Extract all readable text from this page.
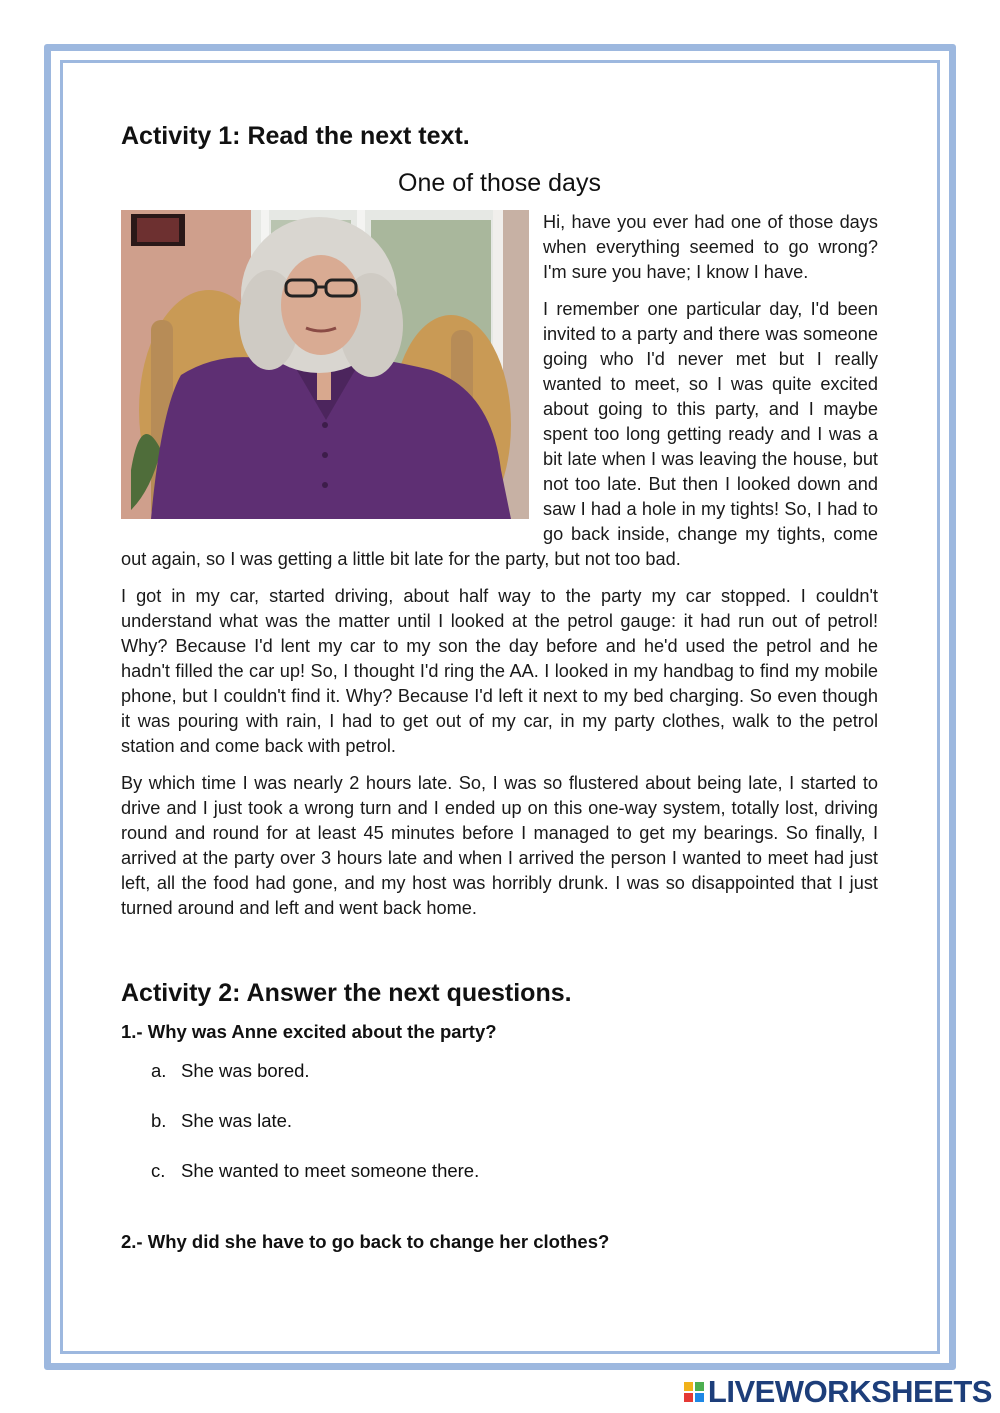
Activity 1: Read the next text.
One of those days

Hi, have you ever had one of those days when everything seemed to go wrong? I'm sure you have; I know I have.

I remember one particular day, I'd been invited to a party and there was someone going who I'd never met but I really wanted to meet, so I was quite excited about going to this party, and I maybe spent too long getting ready and I was a bit late when I was leaving the house, but not too late. But then I looked down and saw I had a hole in my tights! So, I had to go back inside, change my tights, come out again, so I was getting a little bit late for the party, but not too bad.

I got in my car, started driving, about half way to the party my car stopped. I couldn't understand what was the matter until I looked at the petrol gauge: it had run out of petrol! Why? Because I'd lent my car to my son the day before and he'd used the petrol and he hadn't filled the car up! So, I thought I'd ring the AA. I looked in my handbag to find my mobile phone, but I couldn't find it. Why? Because I'd left it next to my bed charging. So even though it was pouring with rain, I had to get out of my car, in my party clothes, walk to the petrol station and come back with petrol.

By which time I was nearly 2 hours late. So, I was so flustered about being late, I started to drive and I just took a wrong turn and I ended up on this one-way system, totally lost, driving round and round for at least 45 minutes before I managed to get my bearings. So finally, I arrived at the party over 3 hours late and when I arrived the person I wanted to meet had just left, all the food had gone, and my host was horribly drunk. I was so disappointed that I just turned around and left and went back home.

Activity 2: Answer the next questions.
1.- Why was Anne excited about the party?
a. She was bored.
b. She was late.
c. She wanted to meet someone there.
2.- Why did she have to go back to change her clothes?
LIVEWORKSHEETS
